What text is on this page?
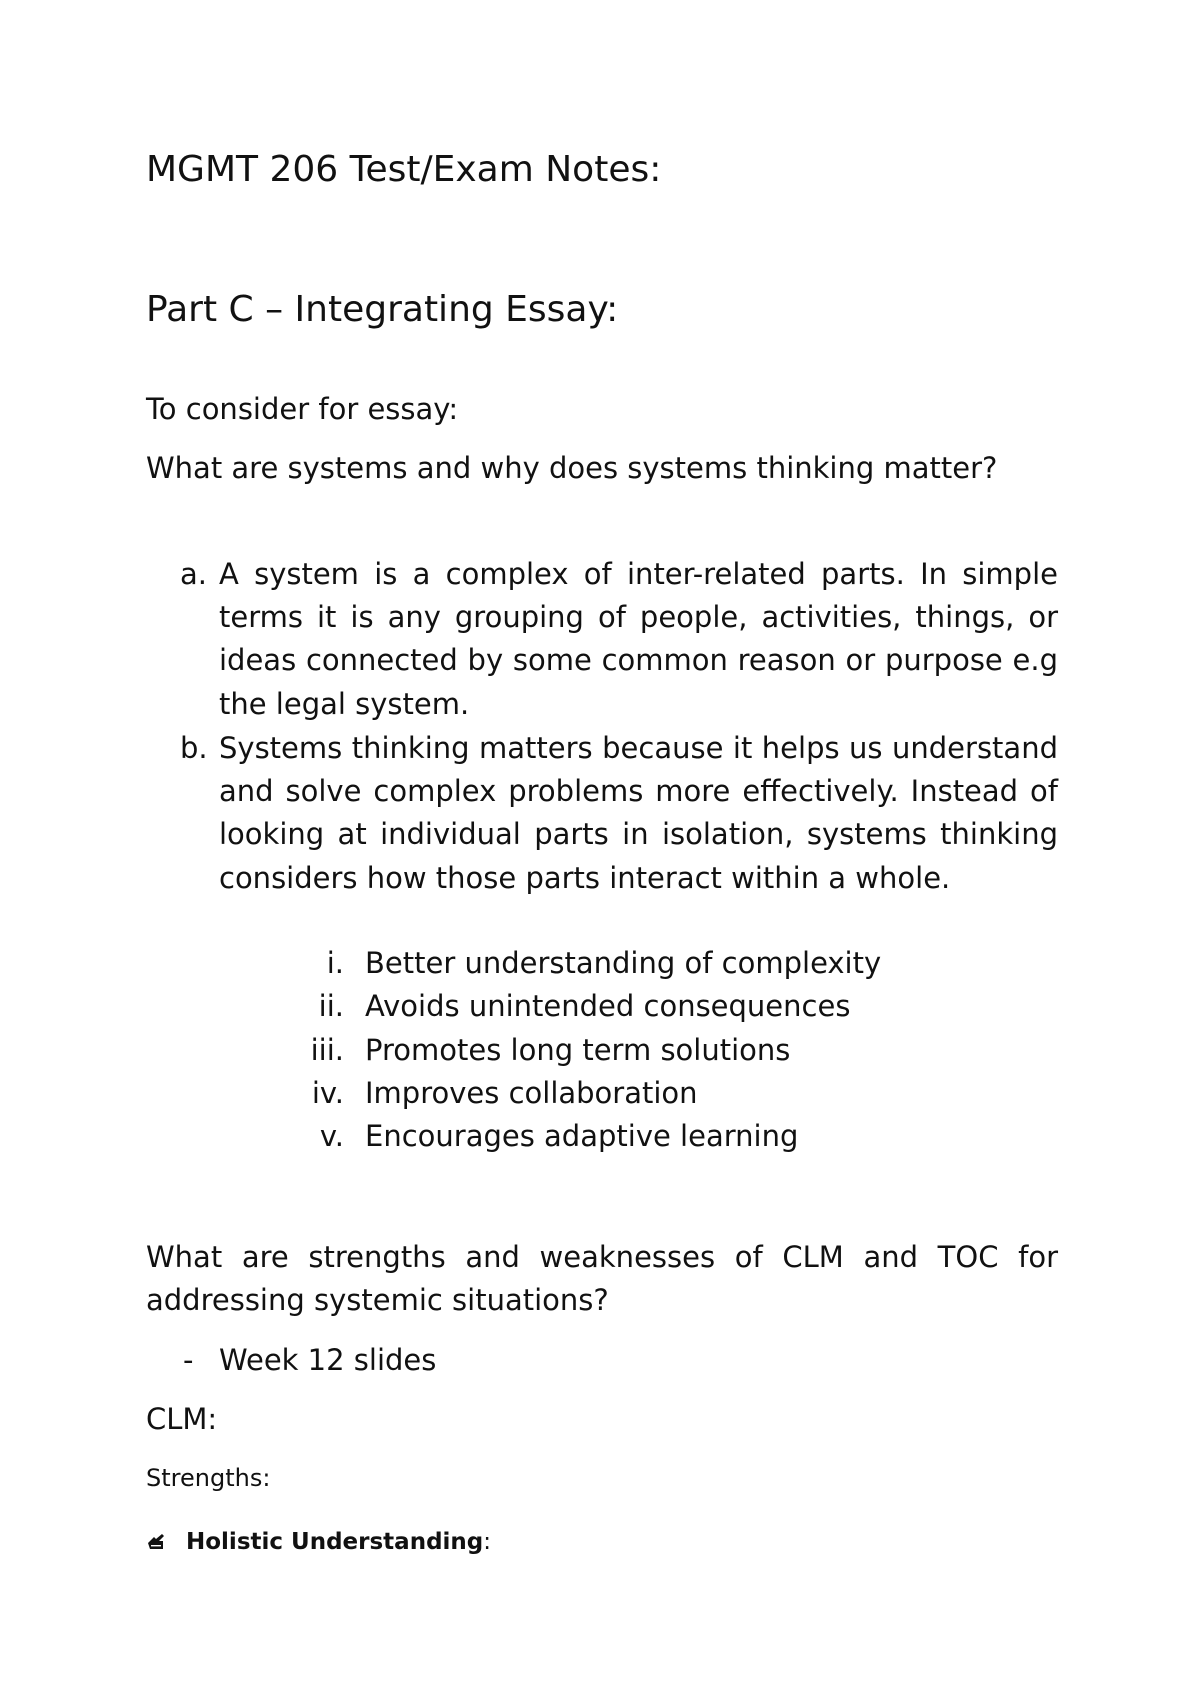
MGMT 206 Test/Exam Notes:

Part C – Integrating Essay:

To consider for essay:

What are systems and why does systems thinking matter?

a. A system is a complex of inter-related parts. In simple terms it is any grouping of people, activities, things, or ideas connected by some common reason or purpose e.g the legal system.

b. Systems thinking matters because it helps us understand and solve complex problems more effectively. Instead of looking at individual parts in isolation, systems thinking considers how those parts interact within a whole.

i. Better understanding of complexity
ii. Avoids unintended consequences
iii. Promotes long term solutions
iv. Improves collaboration
v. Encourages adaptive learning

What are strengths and weaknesses of CLM and TOC for addressing systemic situations?

- Week 12 slides

CLM:

Strengths:

Holistic Understanding :
